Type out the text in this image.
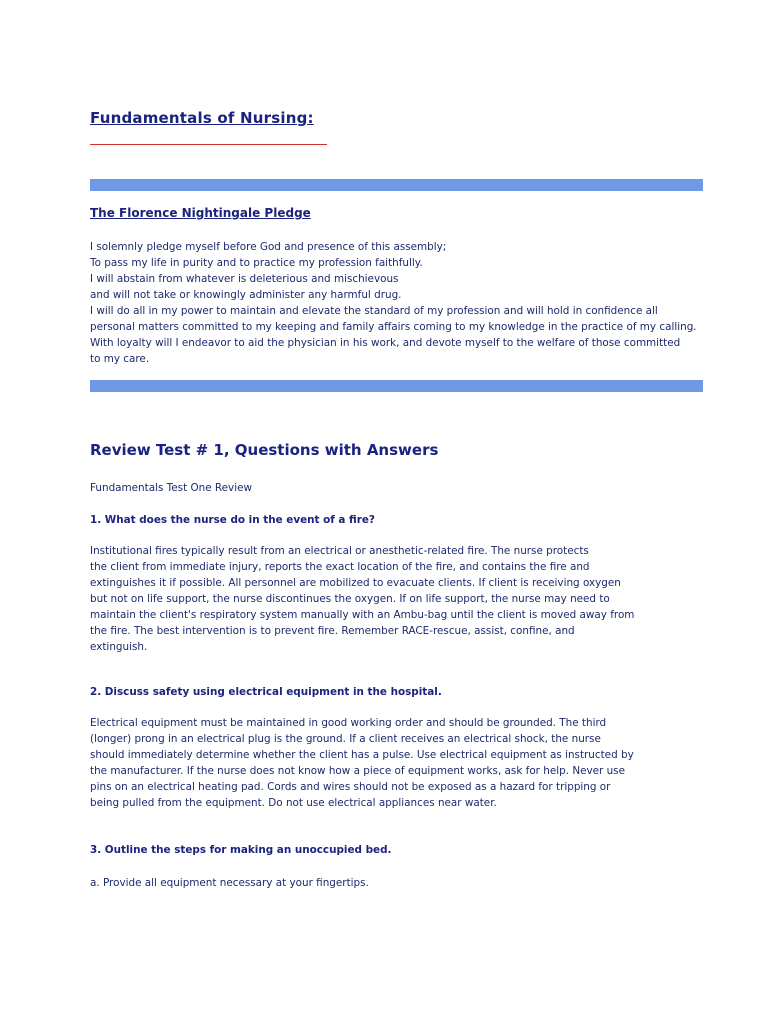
Fundamentals of Nursing:
The Florence Nightingale Pledge

I solemnly pledge myself before God and presence of this assembly;
To pass my life in purity and to practice my profession faithfully.
I will abstain from whatever is deleterious and mischievous
and will not take or knowingly administer any harmful drug.
I will do all in my power to maintain and elevate the standard of my profession and will hold in confidence all
personal matters committed to my keeping and family affairs coming to my knowledge in the practice of my calling.
With loyalty will I endeavor to aid the physician in his work, and devote myself to the welfare of those committed
to my care.

Review Test # 1, Questions with Answers

Fundamentals Test One Review

1. What does the nurse do in the event of a fire?

Institutional fires typically result from an electrical or anesthetic-related fire. The nurse protects
the client from immediate injury, reports the exact location of the fire, and contains the fire and
extinguishes it if possible. All personnel are mobilized to evacuate clients. If client is receiving oxygen
but not on life support, the nurse discontinues the oxygen. If on life support, the nurse may need to
maintain the client's respiratory system manually with an Ambu-bag until the client is moved away from
the fire. The best intervention is to prevent fire. Remember RACE-rescue, assist, confine, and
extinguish.

2. Discuss safety using electrical equipment in the hospital.

Electrical equipment must be maintained in good working order and should be grounded. The third
(longer) prong in an electrical plug is the ground. If a client receives an electrical shock, the nurse
should immediately determine whether the client has a pulse. Use electrical equipment as instructed by
the manufacturer. If the nurse does not know how a piece of equipment works, ask for help. Never use
pins on an electrical heating pad. Cords and wires should not be exposed as a hazard for tripping or
being pulled from the equipment. Do not use electrical appliances near water.

3. Outline the steps for making an unoccupied bed.

a. Provide all equipment necessary at your fingertips.
